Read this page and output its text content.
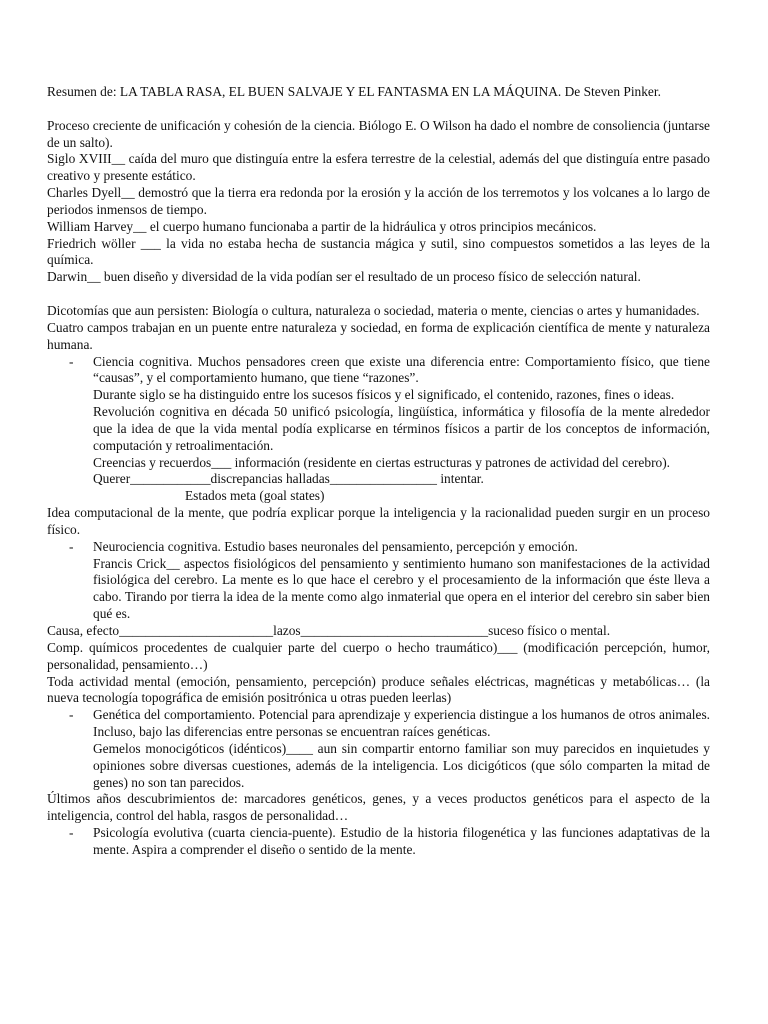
Resumen de: LA TABLA RASA, EL BUEN SALVAJE Y EL FANTASMA EN LA MÁQUINA. De Steven Pinker.

Proceso creciente de unificación y cohesión de la ciencia. Biólogo E. O Wilson ha dado el nombre de consoliencia (juntarse de un salto).

Siglo XVIII__ caída del muro que distinguía entre la esfera terrestre de la celestial, además del que distinguía entre pasado creativo y presente estático.

Charles Dyell__ demostró que la tierra era redonda por la erosión y la acción de los terremotos y los volcanes a lo largo de periodos inmensos de tiempo.

William Harvey__ el cuerpo humano funcionaba a partir de la hidráulica y otros principios mecánicos.

Friedrich wöller ___ la vida no estaba hecha de sustancia mágica y sutil, sino compuestos sometidos a las leyes de la química.

Darwin__ buen diseño y diversidad de la vida podían ser el resultado de un proceso físico de selección natural.

Dicotomías que aun persisten: Biología o cultura, naturaleza o sociedad, materia o mente, ciencias o artes y humanidades.

Cuatro campos trabajan en un puente entre naturaleza y sociedad, en forma de explicación científica de mente y naturaleza humana.

- Ciencia cognitiva. Muchos pensadores creen que existe una diferencia entre: Comportamiento físico, que tiene “causas”, y el comportamiento humano, que tiene “razones”.

Durante siglo se ha distinguido entre los sucesos físicos y el significado, el contenido, razones, fines o ideas.

Revolución cognitiva en década 50 unificó psicología, lingüística, informática y filosofía de la mente alrededor que la idea de que la vida mental podía explicarse en términos físicos a partir de los conceptos de información, computación y retroalimentación.

Creencias y recuerdos___ información (residente en ciertas estructuras y patrones de actividad del cerebro).

Querer____________discrepancias halladas________________ intentar.

Estados meta (goal states)

Idea computacional de la mente, que podría explicar porque la inteligencia y la racionalidad pueden surgir en un proceso físico.

- Neurociencia cognitiva. Estudio bases neuronales del pensamiento, percepción y emoción.

Francis Crick__ aspectos fisiológicos del pensamiento y sentimiento humano son manifestaciones de la actividad fisiológica del cerebro. La mente es lo que hace el cerebro y el procesamiento de la información que éste lleva a cabo. Tirando por tierra la idea de la mente como algo inmaterial que opera en el interior del cerebro sin saber bien qué es.

Causa, efecto_______________________lazos____________________________suceso físico o mental.

Comp. químicos procedentes de cualquier parte del cuerpo o hecho traumático)___ (modificación percepción, humor, personalidad, pensamiento…)

Toda actividad mental (emoción, pensamiento, percepción) produce señales eléctricas, magnéticas y metabólicas… (la nueva tecnología topográfica de emisión positrónica u otras pueden leerlas)

- Genética del comportamiento. Potencial para aprendizaje y experiencia distingue a los humanos de otros animales. Incluso, bajo las diferencias entre personas se encuentran raíces genéticas.

Gemelos monocigóticos (idénticos)____ aun sin compartir entorno familiar son muy parecidos en inquietudes y opiniones sobre diversas cuestiones, además de la inteligencia. Los dicigóticos (que sólo comparten la mitad de genes) no son tan parecidos.

Últimos años descubrimientos de: marcadores genéticos, genes, y a veces productos genéticos para el aspecto de la inteligencia, control del habla, rasgos de personalidad…

- Psicología evolutiva (cuarta ciencia-puente). Estudio de la historia filogenética y las funciones adaptativas de la mente. Aspira a comprender el diseño o sentido de la mente.
